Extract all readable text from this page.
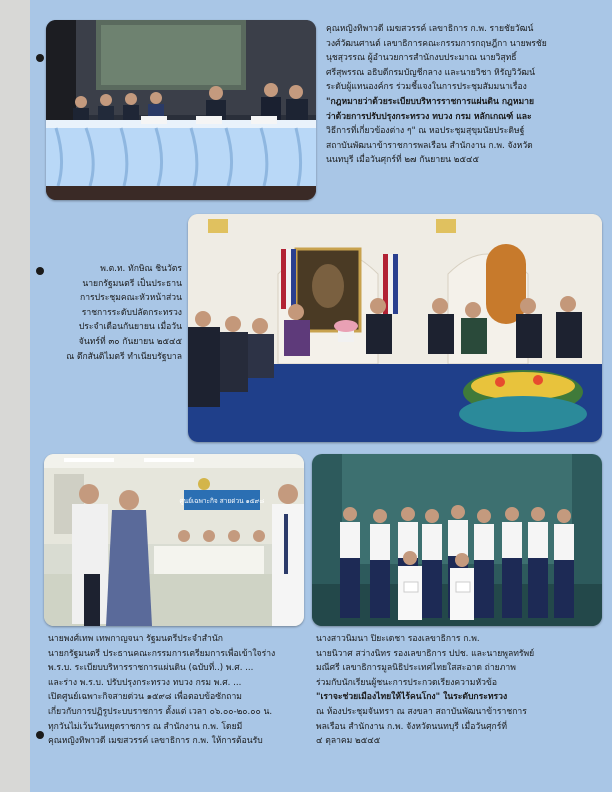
คุณหญิงทิพาวดี เมฆสวรรค์ เลขาธิการ ก.พ. รายชัยวัฒน์
วงศ์วัฒนศานต์ เลขาธิการคณะกรรมการกฤษฎีกา นายพรชัย
นุชสุวรรณ ผู้อำนวยการสำนักงบประมาณ นายวิสุทธิ์
ศรีสุพรรณ อธิบดีกรมบัญชีกลาง และนายวิชา หิรัญวิวัฒน์
ระดับผู้แทนองค์กร ร่วมชี้แจงในการประชุมสัมมนาเรื่อง
"กฎหมายว่าด้วยระเบียบบริหารราชการแผ่นดิน กฎหมาย
ว่าด้วยการปรับปรุงกระทรวง ทบวง กรม หลักเกณฑ์ และ
วิธีการที่เกี่ยวข้องต่าง ๆ" ณ หอประชุมสุขุมนัยประดิษฐ์
สถาบันพัฒนาข้าราชการพลเรือน สำนักงาน ก.พ. จังหวัด
นนทบุรี เมื่อวันศุกร์ที่ ๒๗ กันยายน ๒๕๔๕
พ.ต.ท. ทักษิณ ชินวัตร
นายกรัฐมนตรี เป็นประธาน
การประชุมคณะหัวหน้าส่วน
ราชการระดับปลัดกระทรวง
ประจำเดือนกันยายน เมื่อวัน
จันทร์ที่ ๓๐ กันยายน ๒๕๔๕
ณ ตึกสันติไมตรี ทำเนียบรัฐบาล
ศูนย์เฉพาะกิจ สายด่วน ๑๕๙๘
นายพงศ์เทพ เทพกาญจนา รัฐมนตรีประจำสำนัก
นายกรัฐมนตรี ประธานคณะกรรมการเตรียมการเพื่อเข้าใจร่าง
พ.ร.บ. ระเบียบบริหารราชการแผ่นดิน (ฉบับที่..) พ.ศ. ...
และร่าง พ.ร.บ. ปรับปรุงกระทรวง ทบวง กรม พ.ศ. ...
เปิดศูนย์เฉพาะกิจสายด่วน ๑๕๙๘ เพื่อตอบข้อซักถาม
เกี่ยวกับการปฏิรูประบบราชการ ตั้งแต่ เวลา ๐๖.๐๐-๒๐.๐๐ น.
ทุกวันไม่เว้นวันหยุดราชการ ณ สำนักงาน ก.พ. โดยมี
คุณหญิงทิพาวดี เมฆสวรรค์ เลขาธิการ ก.พ. ให้การต้อนรับ
นางสาวนิมนา ปิยะเดชา รองเลขาธิการ ก.พ.
นายนิวาศ สว่างนิทร รองเลขาธิการ ปปช. และนายพูลทรัพย์
มณีศรี เลขาธิการมูลนิธิประเทศไทยใสสะอาด ถ่ายภาพ
ร่วมกับนักเรียนผู้ชนะการประกวดเรียงความหัวข้อ
"เราจะช่วยเมืองไทยให้ไร้คนโกง" ในระดับกระทรวง
ณ ห้องประชุมจันทรา ณ สงขลา สถาบันพัฒนาข้าราชการ
พลเรือน สำนักงาน ก.พ. จังหวัดนนทบุรี เมื่อวันศุกร์ที่
๔ ตุลาคม ๒๕๔๕
